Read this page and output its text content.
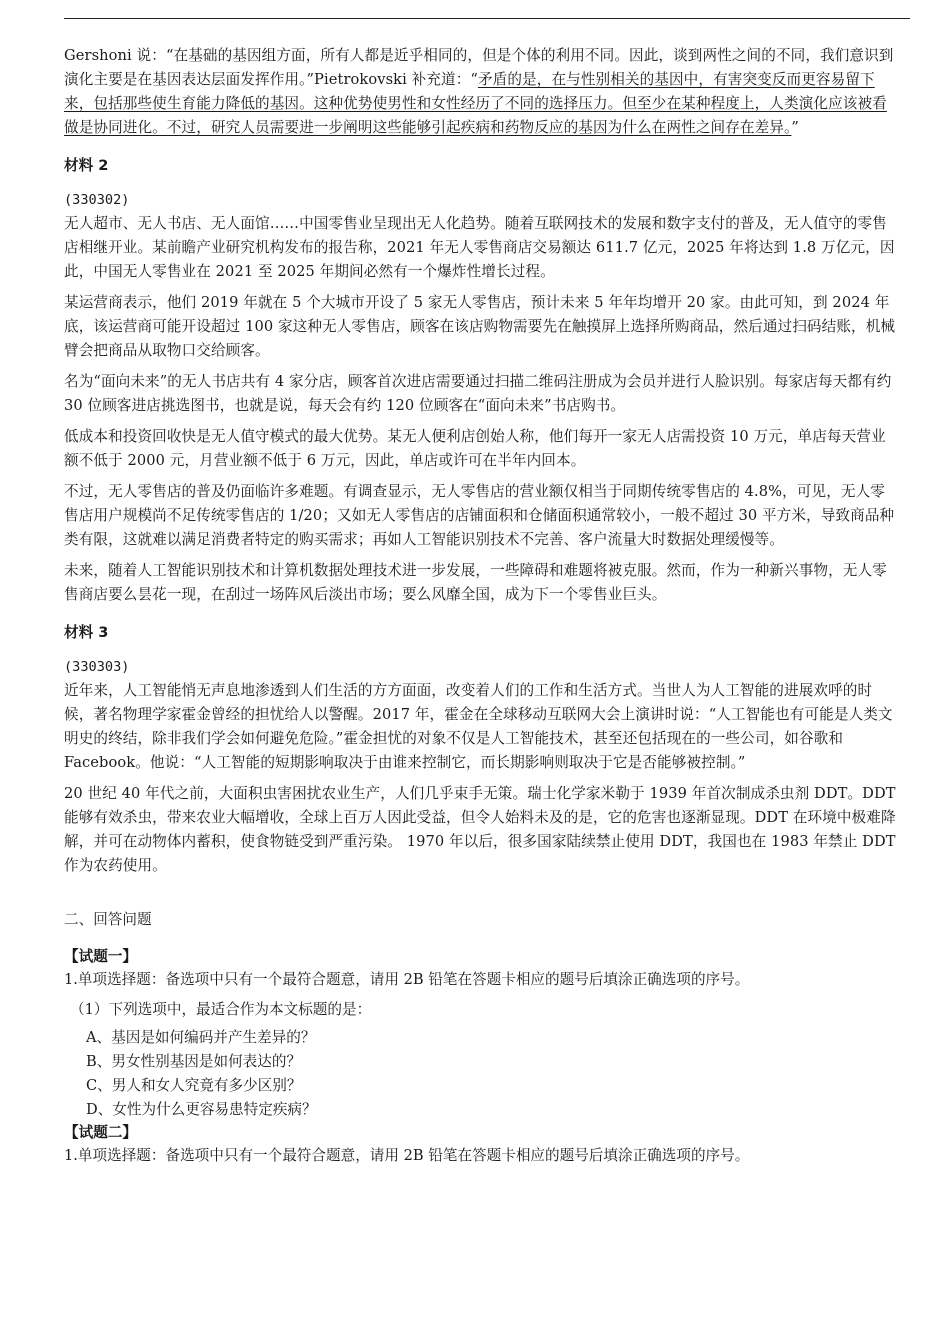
Gershoni 说：“在基础的基因组方面，所有人都是近乎相同的，但是个体的利用不同。因此，谈到两性之间的不同，我们意识到演化主要是在基因表达层面发挥作用。”Pietrokovski 补充道：“矛盾的是，在与性别相关的基因中，有害突变反而更容易留下来，包括那些使生育能力降低的基因。这种优势使男性和女性经历了不同的选择压力。但至少在某种程度上，人类演化应该被看做是协同进化。不过，研究人员需要进一步阐明这些能够引起疾病和药物反应的基因为什么在两性之间存在差异。”

材料 2

(330302)

无人超市、无人书店、无人面馆……中国零售业呈现出无人化趋势。随着互联网技术的发展和数字支付的普及，无人值守的零售店相继开业。某前瞻产业研究机构发布的报告称，2021 年无人零售商店交易额达 611.7 亿元，2025 年将达到 1.8 万亿元，因此，中国无人零售业在 2021 至 2025 年期间必然有一个爆炸性增长过程。

某运营商表示，他们 2019 年就在 5 个大城市开设了 5 家无人零售店，预计未来 5 年年均增开 20 家。由此可知，到 2024 年底，该运营商可能开设超过 100 家这种无人零售店，顾客在该店购物需要先在触摸屏上选择所购商品，然后通过扫码结账，机械臂会把商品从取物口交给顾客。

名为“面向未来”的无人书店共有 4 家分店，顾客首次进店需要通过扫描二维码注册成为会员并进行人脸识别。每家店每天都有约 30 位顾客进店挑选图书，也就是说，每天会有约 120 位顾客在“面向未来”书店购书。

低成本和投资回收快是无人值守模式的最大优势。某无人便利店创始人称，他们每开一家无人店需投资 10 万元，单店每天营业额不低于 2000 元，月营业额不低于 6 万元，因此，单店或许可在半年内回本。

不过，无人零售店的普及仍面临许多难题。有调查显示，无人零售店的营业额仅相当于同期传统零售店的 4.8%，可见，无人零售店用户规模尚不足传统零售店的 1/20；又如无人零售店的店铺面积和仓储面积通常较小，一般不超过 30 平方米，导致商品种类有限，这就难以满足消费者特定的购买需求；再如人工智能识别技术不完善、客户流量大时数据处理缓慢等。

未来，随着人工智能识别技术和计算机数据处理技术进一步发展，一些障碍和难题将被克服。然而，作为一种新兴事物，无人零售商店要么昙花一现，在刮过一场阵风后淡出市场；要么风靡全国，成为下一个零售业巨头。

材料 3

(330303)

近年来，人工智能悄无声息地渗透到人们生活的方方面面，改变着人们的工作和生活方式。当世人为人工智能的进展欢呼的时候，著名物理学家霍金曾经的担忧给人以警醒。2017 年，霍金在全球移动互联网大会上演讲时说：“人工智能也有可能是人类文明史的终结，除非我们学会如何避免危险。”霍金担忧的对象不仅是人工智能技术，甚至还包括现在的一些公司，如谷歌和 Facebook。他说：“人工智能的短期影响取决于由谁来控制它，而长期影响则取决于它是否能够被控制。”

20 世纪 40 年代之前，大面积虫害困扰农业生产，人们几乎束手无策。瑞士化学家米勒于 1939 年首次制成杀虫剂 DDT。DDT 能够有效杀虫，带来农业大幅增收，全球上百万人因此受益，但令人始料未及的是，它的危害也逐渐显现。DDT 在环境中极难降解，并可在动物体内蓄积，使食物链受到严重污染。 1970 年以后，很多国家陆续禁止使用 DDT，我国也在 1983 年禁止 DDT 作为农药使用。

二、回答问题

【试题一】

1.单项选择题：备选项中只有一个最符合题意，请用 2B 铅笔在答题卡相应的题号后填涂正确选项的序号。

（1）下列选项中，最适合作为本文标题的是：

A、基因是如何编码并产生差异的？
B、男女性别基因是如何表达的？
C、男人和女人究竟有多少区别？
D、女性为什么更容易患特定疾病？

【试题二】

1.单项选择题：备选项中只有一个最符合题意，请用 2B 铅笔在答题卡相应的题号后填涂正确选项的序号。
